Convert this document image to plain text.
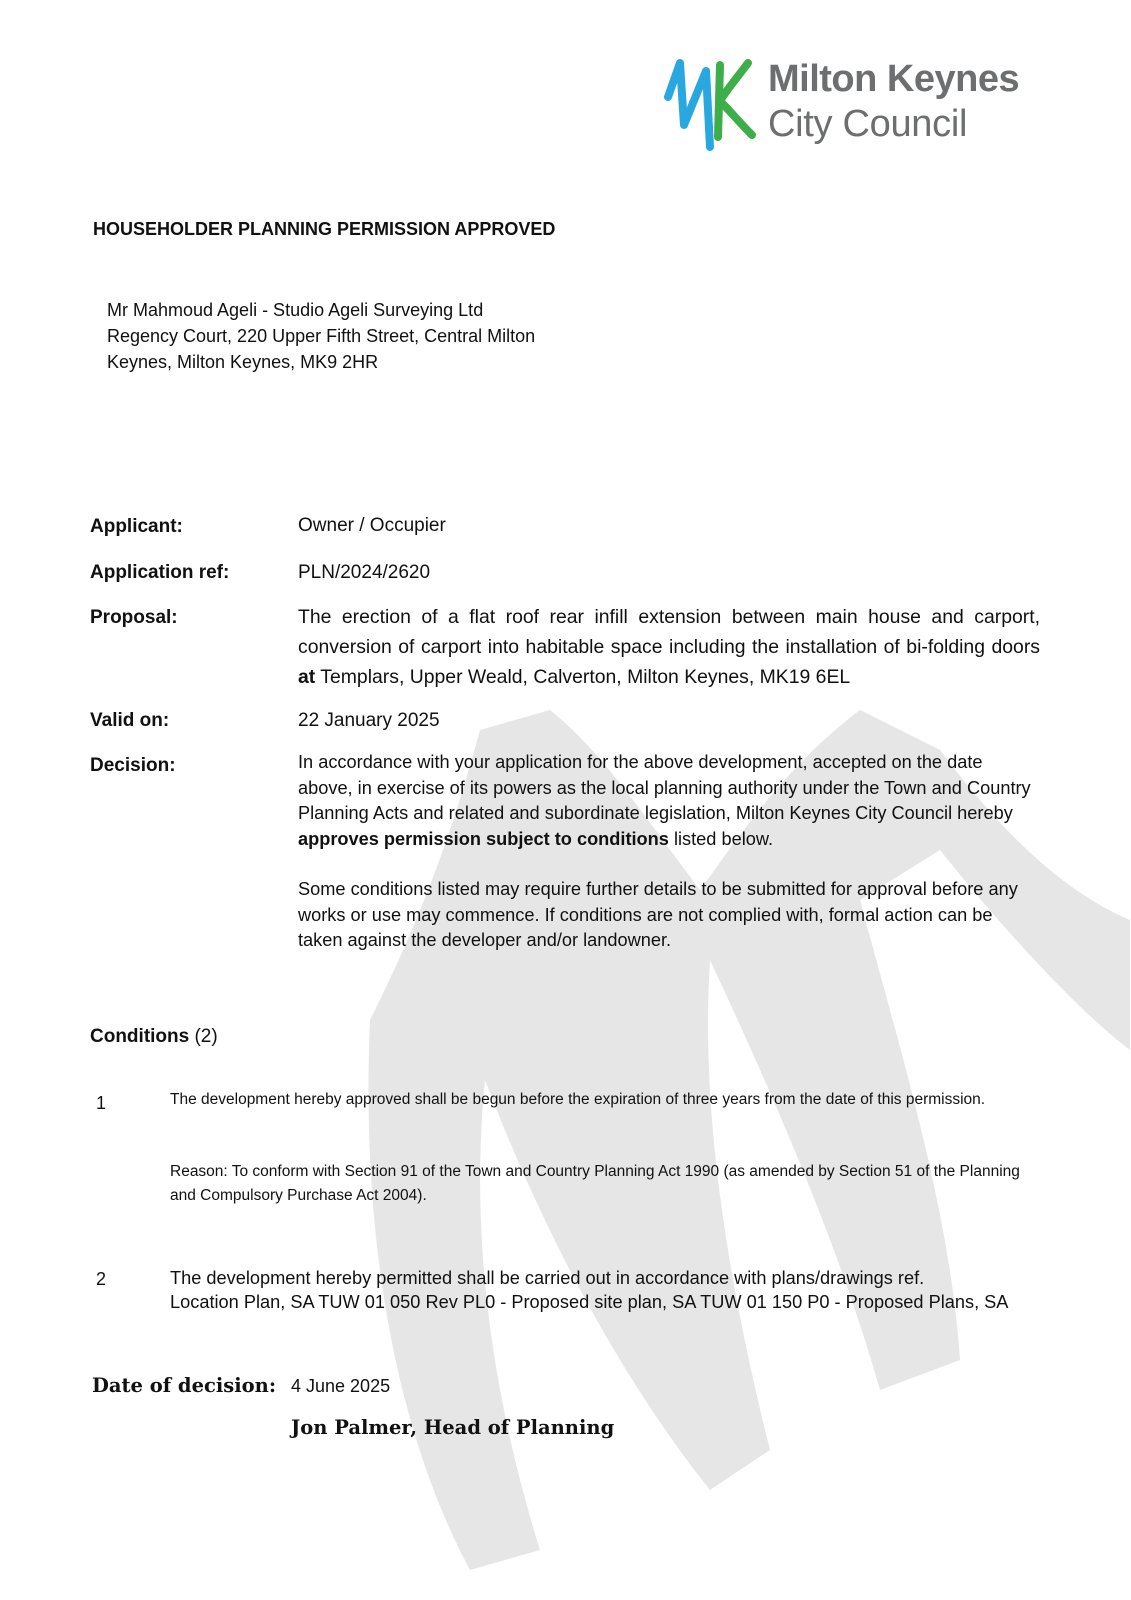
Milton Keynes
City Council
HOUSEHOLDER PLANNING PERMISSION APPROVED
Mr Mahmoud Ageli - Studio Ageli Surveying Ltd
Regency Court, 220 Upper Fifth Street, Central Milton
Keynes, Milton Keynes, MK9 2HR
Applicant:	Owner / Occupier
Application ref:	PLN/2024/2620
Proposal:	The erection of a flat roof rear infill extension between main house and carport, conversion of carport into habitable space including the installation of bi-folding doors at Templars, Upper Weald, Calverton, Milton Keynes, MK19 6EL
Valid on:	22 January 2025
Decision:	In accordance with your application for the above development, accepted on the date above, in exercise of its powers as the local planning authority under the Town and Country Planning Acts and related and subordinate legislation, Milton Keynes City Council hereby approves permission subject to conditions listed below.
Some conditions listed may require further details to be submitted for approval before any works or use may commence. If conditions are not complied with, formal action can be taken against the developer and/or landowner.
Conditions (2)
1	The development hereby approved shall be begun before the expiration of three years from the date of this permission.
Reason: To conform with Section 91 of the Town and Country Planning Act 1990 (as amended by Section 51 of the Planning and Compulsory Purchase Act 2004).
2	The development hereby permitted shall be carried out in accordance with plans/drawings ref.
Location Plan, SA TUW 01 050 Rev PL0 - Proposed site plan, SA TUW 01 150 P0 - Proposed Plans, SA
Date of decision: 4 June 2025
Jon Palmer, Head of Planning
